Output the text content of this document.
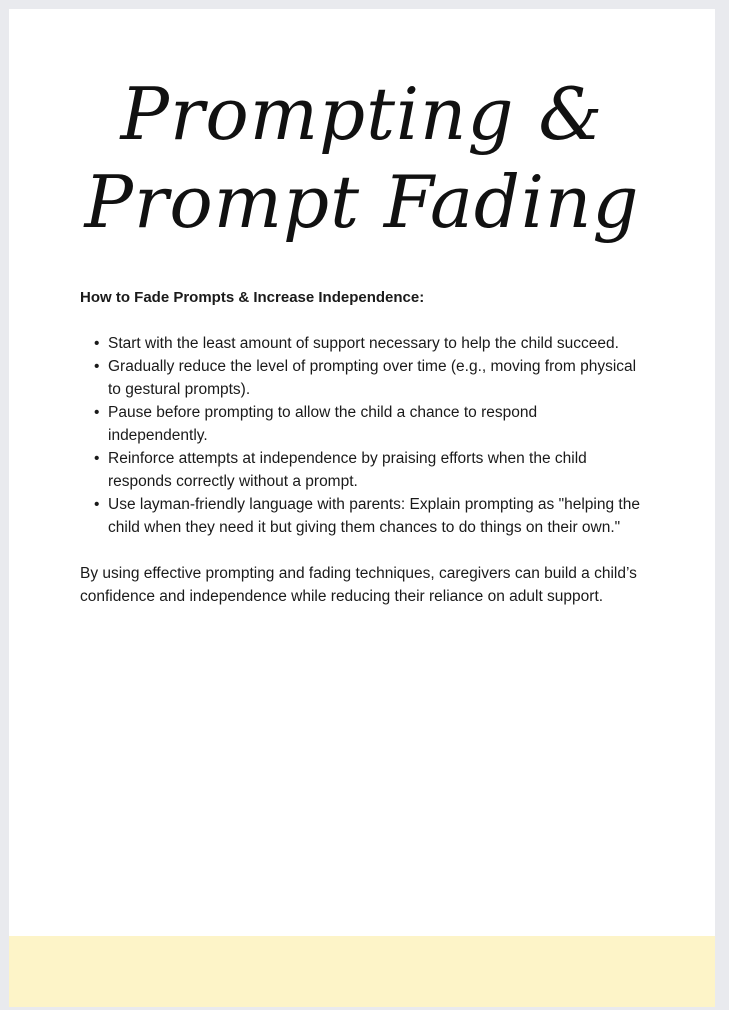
Prompting &
Prompt Fading

How to Fade Prompts & Increase Independence:

• Start with the least amount of support necessary to help the child succeed.
• Gradually reduce the level of prompting over time (e.g., moving from physical to gestural prompts).
• Pause before prompting to allow the child a chance to respond independently.
• Reinforce attempts at independence by praising efforts when the child responds correctly without a prompt.
• Use layman-friendly language with parents: Explain prompting as "helping the child when they need it but giving them chances to do things on their own."

By using effective prompting and fading techniques, caregivers can build a child’s confidence and independence while reducing their reliance on adult support.
